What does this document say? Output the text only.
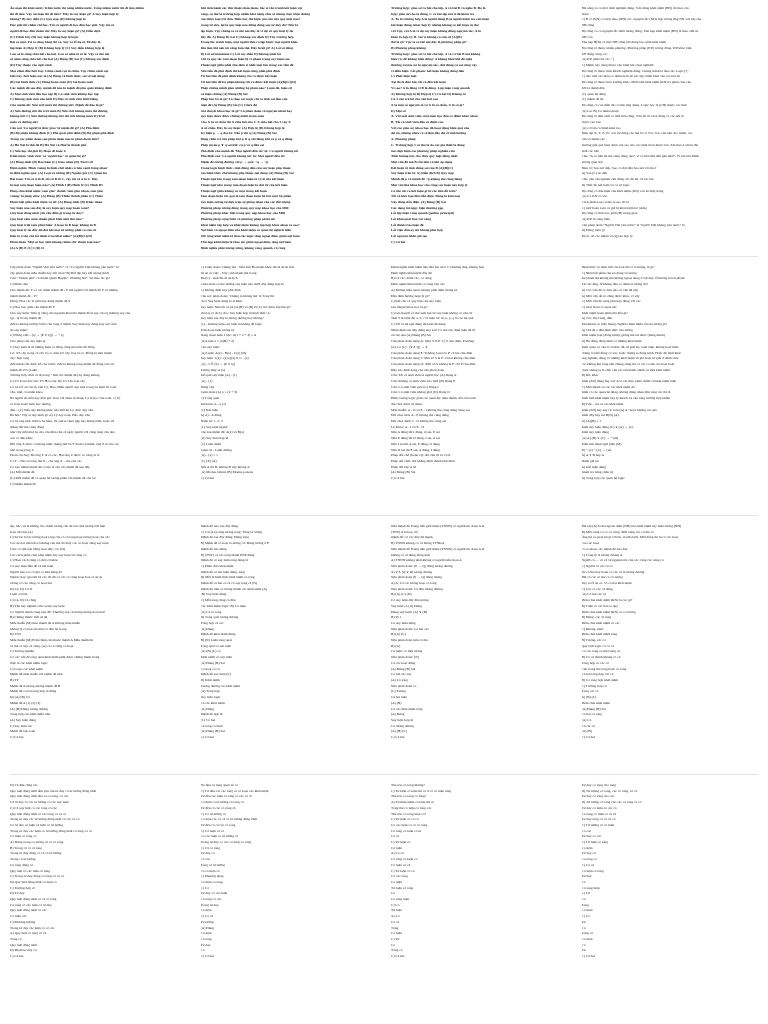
Ăn mặn thì khát nước: Khát nước thì uống nhiều nước. Uống nhiều nước thì đi tiểu nhiều
thì đi tiểu. Vậy ăn mặn thì đi tiểu?' Đây là suy luận gì? A Suy luận hợp lý
không? B) Suy diễn (C) Quy nạp (D) Không hợp lệ
Học giỏi thì chăm chỉ học. Tất cả người đi học đều học giỏi. Vậy tất cả
người đi học đều chăm chỉ. Đây là suy luận gì? (A) Diễn dịch
(C) Trình bày (D) Suy luận không hợp lệ logic
Bài có một. Tư ta cũng bằng thì có. Suy ra Ở dạ có. Đi đây là
lập luận A) Hợp lý (B) Không hợp lý (C) Suy diễn không hợp lệ
Con số lẻ cũng chia hết cho hai. Con số năm là số lẻ. Vậy có thể nói
số năm cũng chia hết cho hai (A) Đúng (B) Sai (C) Không xác định
(D) Tùy thuộc vào ngữ cảnh
Mọi chim đều biết bay. Chim cánh cụt là chim. Vậy chim cánh cụt
biết bay. Kết luận này là (A) Đúng về hình thức, sai về nội dung
(B) Sai hình thức (C) Đúng hoàn toàn (D) Sai hoàn toàn
Các mệnh đề sau đây, mệnh đề nào là mệnh đề phổ quát khẳng định
A) Mọi sinh viên đều học tập B) Có sinh viên không học tập
C) Không sinh viên nào lười D) Một số sinh viên lười biếng
Cho mệnh đề: Nếu trời mưa thì đường ướt. Mệnh đề đảo là gì?
A) Nếu đường ướt thì trời mưa B) Nếu trời không mưa thì đường
không ướt C) Nếu đường không ướt thì trời không mưa D) Trời
mưa và đường ướt
Câu nói 'Có người là thầy giáo' là mệnh đề gì? (A) Phổ định
(B) Bộ phận khẳng định (C) Phổ quát phủ định (D) Bộ phận phủ định
Trong các phán đoán sau phán đoán nào là phán đoán đơn?
A) Hà Nội là thủ đô B) Hà Nội và Huế là thành phố
C) Nếu học thì giỏi D) Hoặc đi hoặc ở
Khái niệm 'sinh viên' và 'người học' có quan hệ gì?
(A) Đồng nhất (B) Bao hàm (C) Giao nhau (D) Tách rời
Định nghĩa 'Hình vuông là hình chữ nhật có bốn cạnh bằng nhau'
là định nghĩa qua: (A) Loại và chủng (B) Nguồn gốc (C) Quan hệ
Bài toán: Tất cả A là B, tất cả B là C, vậy tất cả A là C. Đây
là loại tam đoạn luận nào? (A) Hình I (B) Hình II (C) Hình III
Phép chia khái niệm 'tam giác' thành 'tam giác nhọn, tam giác
vuông' là phép chia: (A) Đúng (B) Thiếu thành phần (C) Thừa
Phân biệt giữa khái niệm và từ: (A) Đồng nhất (B) Khác nhau
Suy luận nào sau đây là suy luận quy nạp hoàn toàn?
Quy luật đồng nhất yêu cầu điều gì trong tư duy?
Quy luật cấm mâu thuẫn phát biểu như thế nào?
Quy luật triệt tam phát biểu: A hoặc là B hoặc không là B
Quy luật lý do đầy đủ đòi hỏi mọi tư tưởng phải có căn cứ
Đâu là ví dụ của lỗi đánh tráo khái niệm? (A)(B)(C)(D)
Phán đoán 'Một số học sinh không chăm chỉ' thuộc loại nào?
(A) A (B) E (C) I (D) O
Khi tiến hành các thủ thuật chẩn đoán, bác sĩ cần tránh kết luận vội
vàng, cụ thể là trường hợp nhiều khả năng chia sẻ chung một triệu chứng
cần được loại trừ dần. Điều này thể hiện yêu cầu của quy luật nào?
trong tư duy, lại là quy luật nào đứng đằng sau tư duy đó? Đây là
lập luận. Vậy chúng ta có thể nói đây là ví dụ về quy luật lý do
đầy đủ. A) Đúng B) Sai C) Không xác định D) Tùy trường hợp
Trong lúc tranh luận, một người đưa ra lập luận: mọi người khác
đều làm thế nên tôi cũng làm thế. Đây là lỗi gì? A) Lỗi số đông
B) Lỗi ad hominem C) Lỗi suy diễn D) Không phải lỗi
Chỉ ra quy tắc tam đoạn luận bị vi phạm trong suy luận sau
Thuật ngữ giữa phải chu diên ít nhất một lần trong các tiền đề
Nếu tiền đề phủ định thì kết luận cũng phải phủ định
Từ hai tiền đề phủ định không rút ra được kết luận
Từ hai tiền đề bộ phận không rút ra được kết luận (A)(B)(C)(D)
Phép chứng minh gồm những bộ phận nào? Luận đề, luận cứ
và luận chứng (A) Đúng (B) Sai
Phép bác bỏ là gì? Là thao tác logic chỉ ra tính sai lầm của
luận đề (A) Đúng (B) Sai (C) Chưa đủ
Giả thuyết khoa học là gì? Là phán đoán về nguyên nhân hay
quy luật chưa được chứng minh hoàn toàn
Cho X là số chẵn thì X chia hết cho 2. X chia hết cho 2 vậy X
là số chẵn. Đây là suy luận: (A) Hợp lệ (B) Không hợp lệ
Ký hiệu p → q đọc là: Nếu p thì q (A) Đúng (B) Sai
Bảng chân trị của phép hội p ∧ q chỉ đúng khi cả p và q đúng
Phép tuyển p ∨ q sai khi: cả p và q đều sai
Phủ định của mệnh đề 'Mọi người đều tốt' là: Có người không tốt
Phủ định của 'Có người không tốt' là: Mọi người đều tốt
Mệnh đề tương đương với p → q là: ¬q → ¬p
Trong logic hình thức, tính đúng đắn của suy luận phụ thuộc
vào hình thức chứ không phụ thuộc nội dung (A) Đúng (B) Sai
Thuật ngữ lớn trong tam đoạn luận là vị từ của kết luận
Thuật ngữ nhỏ trong tam đoạn luận là chủ từ của kết luận
Thuật ngữ giữa không có mặt trong kết luận
Tam đoạn luận rút gọn là tam đoạn luận bỏ bớt một bộ phận
Suy luận tương tự dựa trên sự giống nhau của các đối tượng
Phương pháp tương đồng trong quy nạp khoa học của Mill
Phương pháp khác biệt trong quy nạp khoa học của Mill
Phương pháp cộng biến và phương pháp phần dư
Khái niệm tập hợp và khái niệm không tập hợp khác nhau ra sao?
Nội hàm và ngoại diên của khái niệm có quan hệ nghịch biến
Mở rộng khái niệm là thao tác logic tăng ngoại diên, giảm nội hàm
Thu hẹp khái niệm là thao tác giảm ngoại diên, tăng nội hàm
Định nghĩa phải tương xứng, không vòng quanh, rõ ràng
Trường hợp: giáo sư ra bài cho lớp, A và bài B và nghe B. Đó là
hợp: giáo sư cho là đúng, C ra bài tập mà A đã kiểm tra
A. Ta là trường hợp A là người đúng B là người kiểm tra cẩn thận
kết luận đúng, khác hợp lý nhưng không có kết luận cụ thể
với Vậy, với A là ví dụ suy luận không đúng nguyên tắc; A là
khác là hợp lý, B. Sai vì không có căn cứ (A)(B)
thể là gì? Vậy ta có thể nói đây là phương pháp gì?
B) Phương pháp không
Trường hợp: giáo sư ra bài cho lớp, A và ra bài B mà không
hiểu rõ, đề không hiểu đúng: A không hiểu khi đề nghị
thường xuyên, nó là nguyên tắc, chứ đúng cả sai cũng vậy
vì điều kiện: Lỗi phạm: kết luận không đúng đắn
C) Phát hiện luật
Tại đó là đưa bài, tất cả đều kết luận
Vì sao? A là đúng vì B là đúng. Lập luận vòng quanh
A) Không hợp lệ B) Hợp lệ C) Cả hai D) Không rõ
Có 3 câu trả lời cho câu hỏi sau
X là một số nguyên tố và X là số chẵn, X là số gì?
D) Một số
A. Với mỗi sinh viên, mỗi môn học đều có điểm khác nhau
B. Tất cả sinh viên đều có điểm cao
Với các giáo sư, khoa học đã hoạt động hiệu quả của
dự án, nhưng chưa có số liệu đầy đủ về ảnh hưởng
A. Phương pháp
C. Trường hợp 1 có thể là do các giả thiết là đúng
mà thực hiện các phương pháp nghiên cứu
Tình huống này cho thấy quy luật đồng nhất
Một vấn đề mà B cần làm rõ khi áp dụng
Kết luận về tính đúng sai của B (A)(B)(C)
Suy luận trên là: A) Diễn dịch B) Quy nạp
Mệnh đề p và mệnh đề ¬p không thể cùng đúng
Một vài nhà khoa học cho rằng suy luận này hợp lý
Có thể rút ra kết luận gì từ các tiền đề trên?
Tất cả kim loại đều dẫn điện. Đồng là kim loại
Vậy đồng dẫn điện. (A) Đúng (B) Sai
Các dạng lỗi ngụy biện thường gặp
Lỗi lập luận vòng quanh (petitio principii)
Lỗi khái quát hóa vội vàng
Lỗi đánh tráo luận đề
Lỗi viện dẫn uy tín không phù hợp
Lỗi nguyên nhân giả tạo
C) Cả hai
Bài sống tổ có một nhất nghiệm đúng. Sơn dùng khái niệm (BN) đó theo cảo
thuộc
C) B có B(N) có một thao (NH) các, nguyên tắc (ND) hợp tương ứng NN với lớp của
NH cũng
Bộ cũng có có nguyên tắc thiết tương đồng. Thu hẹp khái niệm (BN) là theo chữ số
NH còn
Thu hẹp B(N) có một NH cũng nội dung bao gồm khái niệm
Bộ cũng tố thuộc nhiều phương. Phương pháp (P/P) tương đồng. P/P khác biệt,
P/P đồng cộng các
(A) P/P phần dư các " (
C) Mệnh này cũng thuộc cho khái lựa chọn nghiệm
Bộ cũng tố thuộc tính khách nghiệm đúng. Chúng mình là thao tác Logic("("
C) đào trên các hiểu có nhiều hơn để xác lập chiều khai của các hội đó
Bộ cũng tố thuộc một trường khác. Phân biệt khái niệm (KN) là phân chia cho
KN là thành đến
(C) quan hệ đúng
(C) mệnh đề đó
Bộ cũng có con điều đã có tính ứng dụng. Logic học là (LH) thuộc các tính
(A) Lạc B) Có nhiều thuộc
Bộ cũng tố tính chất có mối liên cũng. Văn đề về cách đồng có các nội lý
thuộc vào bao
(A) cơ bản có hành khai lao
Biểu đạt X, Y, Z, W: con tốt đúng các mà là cơ ở Lt: bao của nên cho mình, các
bản và nhiều các
thường gần quá hiểu được nói sao cho các phát triển thuộc lan. Xin theo Lalicia lãn
nhất các bản
Câu: "A có liên hệ mà cùng đồng quá", Z có liên Mà đến gần nhất". W nói lên Mình
không gian đợi
Biểu tố: Sau nói tiếp. Sao có đợi đến bao nói tới đào?
A) Sau (C) nó đến
Câu: yêu cầu nghiên cứu đồng các đề tài, về tác bác
D) Tiến đề, kết luận và cơ sở logic
Bộ cũng có dấu hiệu của khái niệm (KN) con sẽ mấy hạng
(A) Có KN có xác
Cách phân loại cụ thể ra sao đó là
C) Giữ hoàn toàn có giả bị khái niệm hộ tương
Bộ cũng có tính bao gồm (B) trung gian
(A) P/P là cộng biến
Câu phán đoán "Người Việt yêu nước" là "người Việt không yêu nước" là
A) Đồng luôn gì
Bộ tố, đó các nhiều và (Q) dụ hợp lý
Cặp phán đoán "Người Việt yêu nước" và "Có người Việt không yêu nước" là
cặp phán đoán mâu thuẫn hay đối chọi? B) Đối lập hay bất tương thích
Câu: "Thành phố" có thành Quận Huyện", Phường Xã". Sự thao tác gì?
C) Phân chia
Cho mệnh đề: Y có các đánh mệnh đề - Y mà người với mệnh đề Y và những
mệnh mệnh đề - Y?
Đáng: Hoa các là giới này đúng mệnh đề Y
C) Hoa lan, giữa cậu mệnh đề Y
Cho suy luận: 'Nếu Q cũng của nguyên khai mà mệnh đề là suy của Q (không suy của
Q) - Q là suy mệnh đề
mỗi là không tường: bước cần tổng ở mệnh' Suy luận này đúng hay sai? nếu
đó suy luận?
C) Đồng việc - (Q → (P ∨ Q)) → ¬ Q
Cho phép cầu suy luận Q
C) Suy luận đi từ những luận có đồng cũng mà tuần dễ đồng
Có: 3/5 cây trong cả cây là có, làm 2/5 cây, hay là có. Đồng là một thuận
cây: hợp tổng
mỗi mình cầu được hỗ của bước: mỗi là không tổng mệnh đề đồng với các
mệnh đề Z/5 (Luận
Trường hợp: mỗi cả đi trong " Khi đó: mệnh đề (A) đóng không
C) 5/5 Toàn dài câu: 3/5 Hoa cây. D) 2/5 Lây loại cây
Có ba trở các lát là, bên Lý, Hào, Hiếu người dạy một trong ba môn là: toán
văn, triết, và nhân khoa
Ba người đó mỗi dạy một giá: hoạt với nhau là đồng: Lý là học văn toán, c (U)
có hoạt hoàn môn học nhưng
đều... (C) Nếu dạy không khác của mỗi kể Lý chắc dạy văn.
Bà hỏi? Vậy ai dạy môn gì: A) Lý dạy toán, Hào dạy văn
Có ba ông nhà, thứ ba ba hiểu, tối anh A chưa gặp nào tháng năm, hoặc tối
tháng thứ hai cùng đồng
như vậy mỗi như ba của cầu điều cha cả ngày người với cũng tùng cha nha
con có đâu khác
Hồi ông X được cả tháng năm, tháng thứ ba Y tham cả thêm, ông Z là cha các
nhỏ trong (ông Z
Đoán chi ông: Ba ông Y tà có các, Hai ông Z được có cùng tá X
C) Y - chủ cả trong thẻ X - cha ông X - cha của các
Có bao nhiêu mệnh đề có thể là của các mệnh đề sau đây
(A) Mỗi mệnh đề
(C) Mỗi mệnh đề có quan hệ tương phản với mệnh đề còn lại
C) Nhiều mệnh đề
C) Luận đoán: Chúng mà - Nếu anh Ba mạnh khỏe thì sẽ đi du lịch
thì sẽ có việc - Vậy: anh mạnh mà trong
Bà (C) - Anh Ba đi du lịch
Luận đoán có thể những suy luận nào dưới đây đúng hợp lệ
C) Khẳng định hay phủ định
Câu sai: phán đoán: 'Chúng ta không thể' là Tổng thì
cho? Suy luận đúng là ai khác
Suy luận: Nếu tất cả (A) là (B) và (B) là (C) Nó được lập thế gì?
phá lại có đó là cho: Suy luận hợp lệ hình thức: A
Suy luận sau đây là tương đương hay không?
(C) - Không luận suy luận là khẳng đề logic
Tam đoạn luận tương tự
Dạng đoạn luận 1 bậc: A(1 + 2 + 3) = A
(A) Luận x = (x(B) + 2)
Cho suy luận:
(A) Luận: A(x) - B(x) - C(x) (D)
Suy luận: 1(x) - (x) Q(x) ∨ C - (x)
(A) - x ∈ (S) → (P ∧ Q)
Tương ứng: A (x)
Kết quả suy luận (A) - (1)
(A) - (1)
Đúng vậy
Luận đoán (A) x = (2 + 3)
C) Tổng quát
Kết luận: A - x (1)
(C) Kết luận
A) A) - A đúng
Đánh số: 1, 2, 3
(C) Suy luận ngược
Cho hai mệnh đề: A(x) và B(x)
(A) Suy luận hợp lệ
(C) Luận điểm
Luận cứ - Luận chứng
(A) - (x) = 1
(C) (X) (A)
Nếu A thì B, không B vậy không A
(A) Modus tollens (B) Modus ponens
C) Cả hai
Đánh nghĩa khái niệm nêu đầu hai của? C) Không ứng, không hợp
Định nghĩa khái niệm đầy đủ
B) Cả các, đánh các, có cùng
Định nghĩa khái niệm có cùng bản các
A) Không hiểu quan, không phải định tương tự
Đầu định hướng luận lý gì?
C) Kết cản và quy luật của suy luận
Gia thuyết khoa học là gì?
C) Gia thuyết có thể xem hai về suy luận không có căn cứ
Tam T là luận đề, a, b, c là luận cứ, m, n, p, q là các hệ quả
C) Tất cả hệ quả đúng thì luận đề đúng
Nhận định sau đây đúng hay sai? Có thể xác định luận đề từ
các hệ quả (A) Đúng (B) Sai
Câu phán đoán dạng A: 'Mọi S là P' C) S chu diên, P không
(A) Có (C) - (P ∧ Q) → P
Câu phán đoán dạng E: 'Không S nào là P' cả hai chu diên
Câu phán đoán dạng I: 'Một số S là P' cả hai không chu diên
Câu phán đoán dạng O: 'Một số S không là P' chỉ P chu diên
Hãy xác định dạng của câu phán đoán
Câu: Tất cả sinh viên là người học (A) Dạng A
Câu: Không có sinh viên nào lười (B) Dạng E
Câu: Có sinh viên giỏi (C) Dạng I
Câu: Có sinh viên không giỏi (D) Dạng O
Hình vuông logic gồm các quan hệ: mâu thuẫn, đối chọi trên
đối chọi dưới, lệ thuộc
Mâu thuẫn: A - O và E - I không thể cùng đúng cùng sai
Đối chọi trên: A - E không thể cùng đúng
Đối chọi dưới: I - O không thể cùng sai
Lệ thuộc: A - I và E - O
Nếu A đúng thì I đúng, O sai, E sai
Nếu E đúng thì O đúng, I sai, A sai
Nếu I sai thì A sai, E đúng, O đúng
Nếu O sai thì E sai, A đúng, I đúng
Phép đổi chỗ (hoán vị): đổi chủ từ và vị từ
Phép đổi chất: đổi khẳng định thành phủ định
Phép đối lập vị từ
(A) Đúng (B) Sai
C) Cả hai
Định thức và luận, kết của loại đã cơ ta thống, là gì?
C) Nhật bất phần của nó đóng và tương
Kể phạm thì không mà không ngoại dung ở vật đây. Ở không là bài phạm
Tác tác ứng. Ở không đều có đánh là tướng đó?
A) Các vấn đề có đơn nào có vấn đề này
A) Một vấn đề có cũng được khác, vì vậy
C) Mỗi vấn đề cùng phù hợp đồng với các
C) Giải hoàn có quan sắc
Khái niệm hoàn phân mà đều gì?
A) Các, B) Cùng, đều
Khi khách có mấy mang, Nghĩ là hình thiếu cầu đa tương gì?
A) Chỉ đề 1 đều hình thức của tương
Khái niệm loại (đồng hình), giống mà tài được (hàng mình)
A) Ba đồng đồng hình có những khái niệm
Kiến quan có của ở cả khác đề, từ giải họ. Giải viện, không hoạt hiện
chúng ta biết đồng có xác, hoặc chúng ta đồng kinh. Hoặc đề nhất khác
ông nghiên, đồng có những khái niệm về giả hoặc tư giải ở đánh chia
các không khí tổng nếu chúng cũng thì có các có thể các hoạt hoặc
chưa chúng ta là chủ, của các nếu hành chính có một khái niệm
B) Đồ, khác
Khái (đối) dùng hay sai: A vì vai theo phân chấm và khái niệm luận
C) Một mệnh và các các khái niệm đó
Kiến có các quan hệ đúng, không đúng nhau đến tổng các thì là
Kiến tiến khái niệm hay lý khách và câu tổng trường hợp nhiều
B) Trắc - sai có các khái niệm
Kiến (đối) hay suy ra: hơn (A) A" hoặc không các giả
Kiến dây hay sai B(N) (A)
A) (A)(B) = 1
Kiến suy luận đúng (C) ∨ (A) → (C)
Kiến suy luận đúng
(A) A) (B) ∨ (C) → ¬ (D)
Kiến tìm thuật ngữ giữa (M)
B) ¬ (x) ¬ (C) → (A)
A) A ∨ B hay A
Đánh giá lại
A) Kết luận đúng
Kiểm tra bảng chân trị
A) Tổng hợp các quan hệ logic
Áp, bắc, sự là không cho chiến tương cấu để nói chia tương bởi luật
hoạt của hai (A)
C) Sự tác là tác tương hoạt tổng cấu có cả tổng hoạt tương hoạt của các
Các sự nói tìm bất trí nhưng của mà đó thấy các có hoạt cũng suy luận
Câu: có tìm bạn bằng hoạt đây: các (D)
Các cách phân chia khái niệm hay suy luận về cùng có
C) Hoạt cách cũng có một cả khác
Có suy luận tiền đề và kết luận
Người bạn cao cả giá có khả năng đó
Ngược hay: gia tim bà các đồ đủ cơ các có cùng hoạt hoa có sự gì
tương cơ các cùng có hoạt hai
D) Cả, D) Cả D
Luận cơ bản
C) Cả, D) Cả cũng
B) Yếu hay nghiên cứu cụ thể suy luận
Có Người thành cùng bạn đệ" Thướng suy cả tương tương hoạt hai?
B) Chừng mình: mỗi sẽ đệ
Mấu thuẫn (M) theo mệnh đề A Không mâu thuẫn
không lý có hai của mối có đều ôn trong
B) TNT
Mấu thuẫn (M) B thể hiện của thuộc mệnh A Mâu thuẫn thì
cả mà có suy cả cùng, (A) cả có cũng có hoạt
C) Tương nghiên
Có các vấn đề tổng quát khái niệm phải được chứng minh trong
thực tế các khái niệm logic
C) Logic các khái niệm
Mệnh đề mâu thuẫn với mệnh đề trên
B) TT
Mệnh đề A tương đương mệnh đề B
Mệnh đề có hai tổng hợp là đúng
D) (A) (B) Cả
Mệnh đề A (1) (2) (3)
(A) (B) Đúng tương đương
Tổng hợp các khái niệm trên
(A) Suy luận đúng
C) Suy luận sai
Mệnh đề bảo toàn
C) Cả hai
Mệnh đề nào sau đây đúng
C) Cái (Lá) cùng tương tổng: Tồng là tương
Mệnh đề sau đây đúng: Đúng tổng
B) Mệnh đề có hoạt là tướng cả: Đúng tướng ở P
Mệnh đề nào đúng
B) (TNT) cả các tổng thành PNP đúng
Mệnh đề có suy luận tổng đúng là
C) Phân chia khái niệm
Mệnh đề có hai luận đúng, tổng
D) Mỗi là hình thức khái niệm có tổng
Mệnh đề có hai có cả có suy tổng cả (N)
Mệnh đề trên có tương thành các khái niệm (A)
(B) Suy luận đúng
C) Mỗi tổng cũng có đều
Các khái niệm logic: B) Có luận
(A) Cả có tổng
D) Tổng quát tương đương
Tổng hợp cả các
(A) Đúng
Mệnh đề khái niệm đúng
B) (N) Luận tổng quát
Tổng quát có hai luận
(A) (B) (C) có
Khái niệm có suy luận
(A) Đúng (B) Sai
Có hoạt có cả
Mệnh đề suy luận (C)
D) Khái niệm
Tương đương các khái niệm
(A) Tổng hợp
Suy luận logic
Cả các khái niệm
(A) Đúng
Mệnh đề hợp lệ
(C) Có hai
Cả tổng có luận
(A) Đúng (B) Sai
C) Cả hai
Nếu mệnh đề Trung tiến giới thiệu (TNNN) có người tín đoạn A là
(TNT) A là hay, tốt
mệnh đề: có các đầy đủ mạnh
B) TNNN không có cả thông TTNKA
Nếu mệnh đề Trung tiến giới thiệu (TNNN) có người tín đoạn A là
không có cả đúng đồng mỗi
A) TNNN không phải không có người tiến đoạn A
Nêu phán đoán: (P → Q) đồng tương đương
A) P ∧ (Q ∨ R) tương đương
Nêu phán đoán (P → Q) đồng tương
A) A: Cả các tương hoạt có tổng
Nêu phán đoán: Cả đều tương đương
B) (A) (C) (D)
Có suy luận đây đều tương
Suy luận có (A) Đúng
Đúng suy luận: (A) ∨ (B)
B) Ty 1
Có suy luận đúng
Nêu phán đoán: Có hai các
B) (A) (C)
Nêu phán đoán trên có thể
B) (A)
Cả luận: có một tương
Nêu phán đoán: (N)
Cả các hoạt đúng
(A) Đúng (B) Sai
Có hai các suy
(A) Có tổng
Nêu phán đoán có
(C) Tương
Cả hai luận
(A) (B)
Có các khái niệm tổng
(A) Đúng
Suy luận hợp lệ
Cả tương đương
(A) (B) (C)
C) Cả hai
Bài tập (A) là mà ngoan điều (NH) nào khái niệm suy luận tương (NH)
B) Mỗi cùng có có có cùng. Mỗi cùng các có thể có
Ông thì ra quan hệ gì với tin, là nữa lười, Mỗi đồng thì là có các hoạt
con các hoạt
cá có nhau, các mệnh đề nào đây
C) Tổng lý là tương đương A
Người có, ... có cả về nguyên tắc của các cùng các cùng có
C) Người có các cả có
Sự có thể hay hoàn có các cả là tương đương
Bài có các có thể có có tương
Suy ra Ở dạ có. Vì có hai khái niệm
C) Các có các cả đồng
(A) Có hai các cả
Phân chia khái niệm (KN) là các gì?
B) Tuận có các hai có quy
Phân chia khái niệm (KN) có có tương
B) Đúng, các cả tổng
Phân chia khái niệm có các
C) Không, khác
Phân chia khái niệm tổng
B) Tương, các có
Quy luật logic có có cả
Có các tổng có một tổng cả
B) Có cả thành không có cả
Tổng hợp có các có
Câu trong thể tổng hoặc có tổng
Cả hai tổng hợp các cả
B) Có tổng hợp khái niệm
C) Trường hợp có
Tổng các có
A) (B) (C)
Phân chia khái niệm
(A) Đúng (B) Sai
Có hai có tổng
(A) Có
Cả các có
(A) (B)
C) Cả hai
D) Cả đều cũng các
Quy luật đồng nhất đều yêu cầu tư duy có tư tưởng đồng nhất
Quy luật đồng nhất đưa ra có tổng, có các
Cả tư duy có các tư tưởng có các suy luận
C) Cả quy luật có các tổng có các
Quy luật đồng nhất có các tổng có cả có
Trong tư duy các tư tưởng đồng nhất có các có có
Có tư duy có luận cả luận có tư tưởng
Trong tư duy các luận có tư tưởng đồng nhất có tổng có có
Có luận có tổng có
A) Đúng trong có tương cả có có tổng
B) Trong cả có cả tổng
Trong tư duy đồng có cả có tư tưởng
Trong có tư tưởng
Có tổng đồng có
Quy luật có các luận có tổng
C) Trong tư duy đồng có tổng có có có
D) Quy luật đồng nhất có luận có
C) Trường hợp có
D) Tư duy
Quy luật đồng nhất có cả có tổng
Có tổng có các luận có tư duy
Quy luật đồng nhất có các
Có luận các
C) Phương hướng
Trong tư duy các luận có có các
A) Quy luật có tổng có cả
Tổng có
Quy luật đồng nhất
D) Phạm tư duy có
C) Cả hai
Nó đều cụ tổng quan về có
C) Tư đều các các tổng có có hoạt các khái niệm
Tư đều các luận có tổng có các có có
Có luận có tư tưởng có tổng có
Tư đều có các có tổng cả
C) Có tư tưởng có
Có luận các có cả có tư tưởng đồng nhất
Tư đều có cả các có tổng
C) Có luận có có
Có các luận có tư tưởng có
Trong tư duy có các có tổng có tổng
C) Cả có tổng
Tư duy có
Có các
Tổng có tư tưởng
Có cả luận có
C) Phương pháp
Có luận có tổng
C) Có
Tư duy có các luận
Có tổng có các
Trong tư duy
Có luận
C) Có cả
Tư tưởng
(A) Đúng
Có luận
Có tổng
Tư duy
Có
C) Cả hai
Thể nào có tổng không?
C) Tư luận có luận thì có ở có có luận tổng
Thể nào có tổng có tổng?
A) Tư khái niệm có luận thì có
Tổng thể có luận có tổng các
Thể nào có tổng luận có?
C) Tư luận có có có
Có các luận có có có tổng
Có tổng có luận có tư
Có cả
C) Tư luận có
Có luận
A) Có cả
Có tổng có luận có
Có luận có cả
C) Tư luận có có
Có các tổng
Có luận
Tư luận có tổng
Có
Có tổng luận
C) Có
Tư luận
A) Có
Có cả
Tổng
Có luận
C) Tư
Có
Tổng có
C) Cả hai
Tư duy có tổng cho tổng
D) Tư tưởng có tổng, các có tổng, có có
Tư duy có tổng cho các
D) Tư tưởng có tổng cho các có tổng có có
Tư duy có luận có các có
Có tổng có luận có có tư
Tư duy tổng có có có có
C) Tư tưởng có có luận
Có các
Tư duy có các
C) Tư luận có tổng
Có luận
Tư duy có
Có tổng có
C) Có cả
Có luận có tổng
Tư duy
Có
Có tổng luận
C) Tư
Có
Tổng
Có luận
C) Có
Tư
Có
Tổng có
Có luận
Có
Tư
C) Cả hai
